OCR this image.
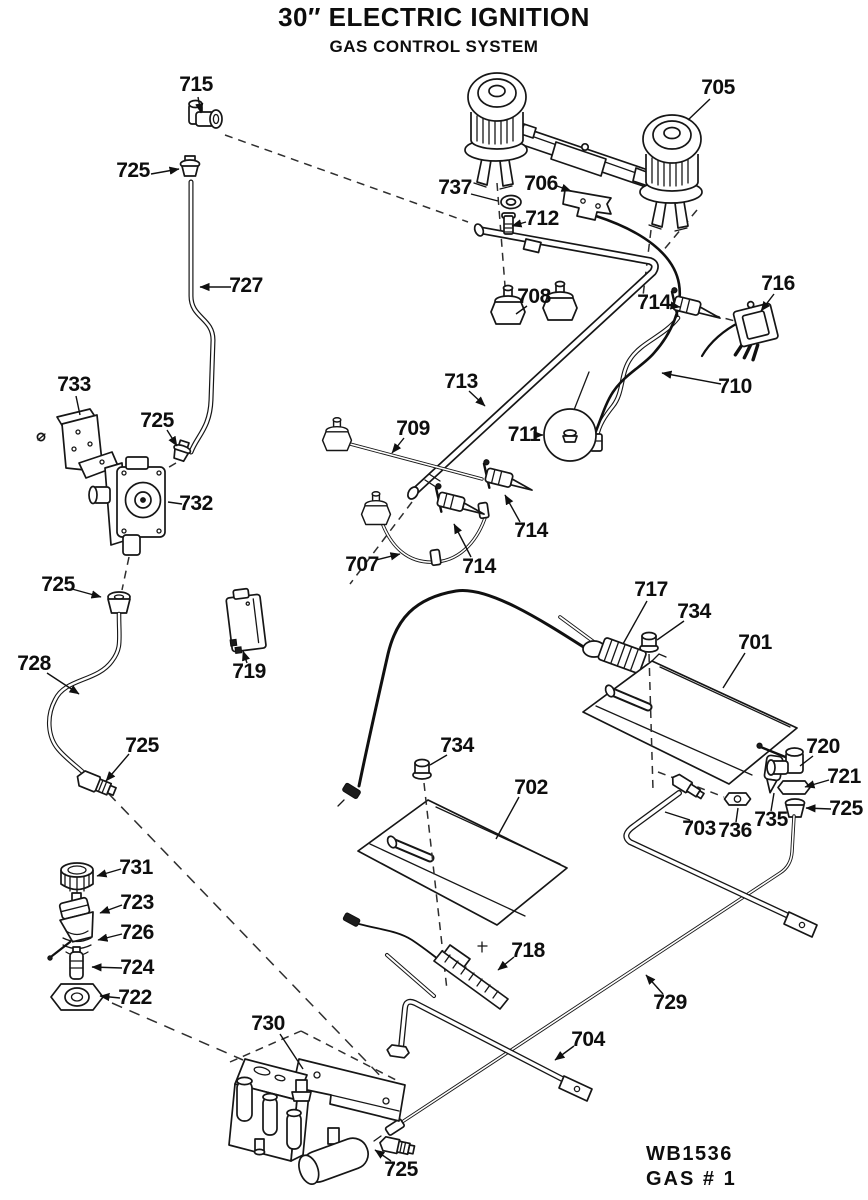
30″ ELECTRIC IGNITION
GAS CONTROL SYSTEM
715
725
705
737 706
712
727	708	714
716
710
733
725
713
709	711
732
714
707	714
725	717
734
701
728	719
734	720
725
721
702
725
703 736 735
731
723
726
724
722
718
729
704
730
725
WB1536
GAS # 1
